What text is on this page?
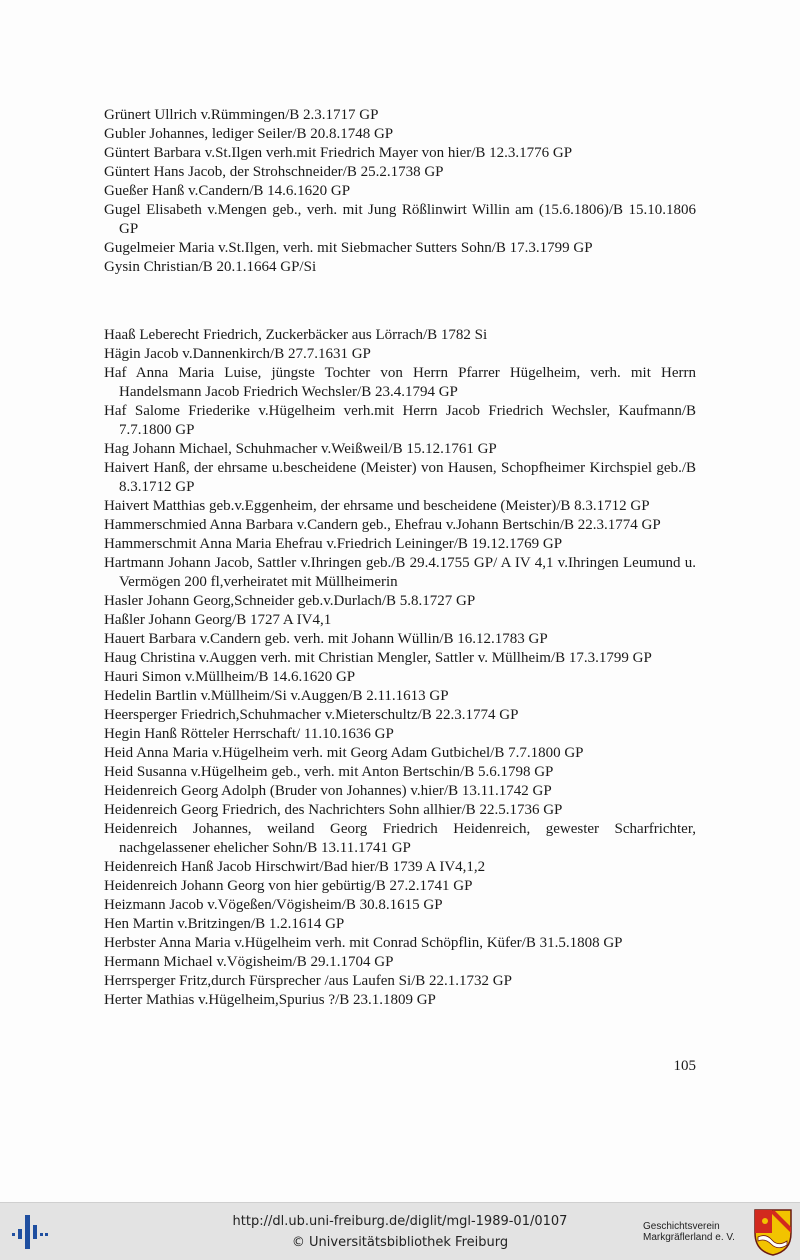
Grünert Ullrich v.Rümmingen/B 2.3.1717 GP

Gubler Johannes, lediger Seiler/B 20.8.1748 GP

Güntert Barbara v.St.Ilgen verh.mit Friedrich Mayer von hier/B 12.3.1776 GP

Güntert Hans Jacob, der Strohschneider/B 25.2.1738 GP

Gueßer Hanß v.Candern/B 14.6.1620 GP

Gugel Elisabeth v.Mengen geb., verh. mit Jung Rößlinwirt Willin am (15.6.1806)/B 15.10.1806 GP

Gugelmeier Maria v.St.Ilgen, verh. mit Siebmacher Sutters Sohn/B 17.3.1799 GP

Gysin Christian/B 20.1.1664 GP/Si

Haaß Leberecht Friedrich, Zuckerbäcker aus Lörrach/B 1782 Si

Hägin Jacob v.Dannenkirch/B 27.7.1631 GP

Haf Anna Maria Luise, jüngste Tochter von Herrn Pfarrer Hügelheim, verh. mit Herrn Handelsmann Jacob Friedrich Wechsler/B 23.4.1794 GP

Haf Salome Friederike v.Hügelheim verh.mit Herrn Jacob Friedrich Wechsler, Kaufmann/B 7.7.1800 GP

Hag Johann Michael, Schuhmacher v.Weißweil/B 15.12.1761 GP

Haivert Hanß, der ehrsame u.bescheidene (Meister) von Hausen, Schopfheimer Kirchspiel geb./B 8.3.1712 GP

Haivert Matthias geb.v.Eggenheim, der ehrsame und bescheidene (Meister)/B 8.3.1712 GP

Hammerschmied Anna Barbara v.Candern geb., Ehefrau v.Johann Bertschin/B 22.3.1774 GP

Hammerschmit Anna Maria Ehefrau v.Friedrich Leininger/B 19.12.1769 GP

Hartmann Johann Jacob, Sattler v.Ihringen geb./B 29.4.1755 GP/ A IV 4,1 v.Ihringen Leumund u. Vermögen 200 fl,verheiratet mit Müllheimerin

Hasler Johann Georg,Schneider geb.v.Durlach/B 5.8.1727 GP

Haßler Johann Georg/B 1727 A IV4,1

Hauert Barbara v.Candern geb. verh. mit Johann Wüllin/B 16.12.1783 GP

Haug Christina v.Auggen verh. mit Christian Mengler, Sattler v. Müllheim/B 17.3.1799 GP

Hauri Simon v.Müllheim/B 14.6.1620 GP

Hedelin Bartlin v.Müllheim/Si v.Auggen/B 2.11.1613 GP

Heersperger Friedrich,Schuhmacher v.Mieterschultz/B 22.3.1774 GP

Hegin Hanß Rötteler Herrschaft/ 11.10.1636 GP

Heid Anna Maria v.Hügelheim verh. mit Georg Adam Gutbichel/B 7.7.1800 GP

Heid Susanna v.Hügelheim geb., verh. mit Anton Bertschin/B 5.6.1798 GP

Heidenreich Georg Adolph (Bruder von Johannes) v.hier/B 13.11.1742 GP

Heidenreich Georg Friedrich, des Nachrichters Sohn allhier/B 22.5.1736 GP

Heidenreich Johannes, weiland Georg Friedrich Heidenreich, gewester Scharfrichter, nachgelassener ehelicher Sohn/B 13.11.1741 GP

Heidenreich Hanß Jacob Hirschwirt/Bad hier/B 1739 A IV4,1,2

Heidenreich Johann Georg von hier gebürtig/B 27.2.1741 GP

Heizmann Jacob v.Vögeßen/Vögisheim/B 30.8.1615 GP

Hen Martin v.Britzingen/B 1.2.1614 GP

Herbster Anna Maria v.Hügelheim verh. mit Conrad Schöpflin, Küfer/B 31.5.1808 GP

Hermann Michael v.Vögisheim/B 29.1.1704 GP

Herrsperger Fritz,durch Fürsprecher /aus Laufen Si/B 22.1.1732 GP

Herter Mathias v.Hügelheim,Spurius ?/B 23.1.1809 GP

105
http://dl.ub.uni-freiburg.de/diglit/mgl-1989-01/0107
© Universitätsbibliothek Freiburg
Geschichtsverein
Markgräflerland e. V.
